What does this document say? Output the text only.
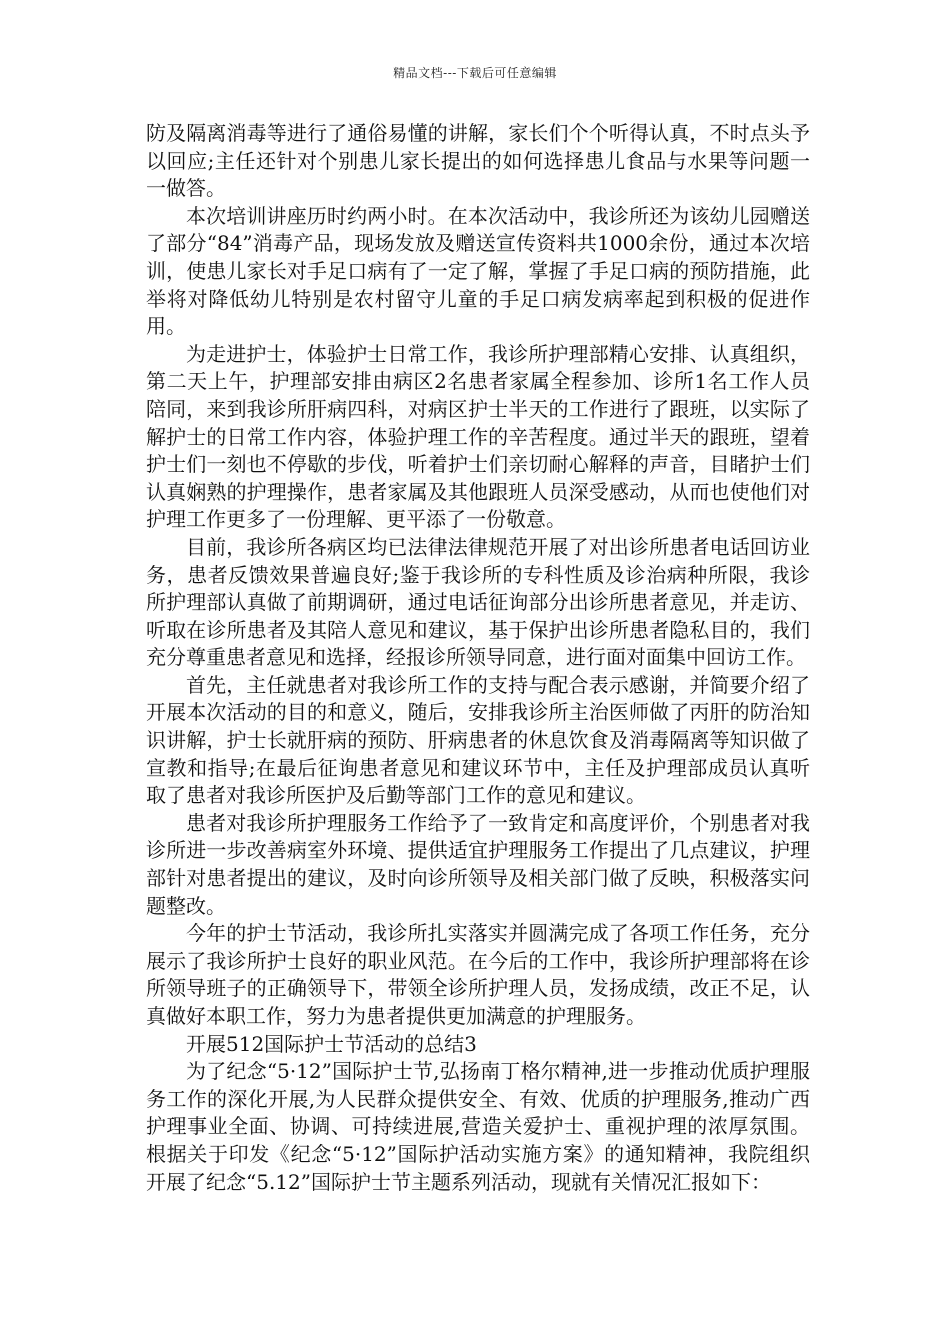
精品文档---下载后可任意编辑

防及隔离消毒等进行了通俗易懂的讲解，家长们个个听得认真，不时点头予以回应;主任还针对个别患儿家长提出的如何选择患儿食品与水果等问题一一做答。

本次培训讲座历时约两小时。在本次活动中，我诊所还为该幼儿园赠送了部分“84”消毒产品，现场发放及赠送宣传资料共1000余份，通过本次培训，使患儿家长对手足口病有了一定了解，掌握了手足口病的预防措施，此举将对降低幼儿特别是农村留守儿童的手足口病发病率起到积极的促进作用。

为走进护士，体验护士日常工作，我诊所护理部精心安排、认真组织，第二天上午，护理部安排由病区2名患者家属全程参加、诊所1名工作人员陪同，来到我诊所肝病四科，对病区护士半天的工作进行了跟班，以实际了解护士的日常工作内容，体验护理工作的辛苦程度。通过半天的跟班，望着护士们一刻也不停歇的步伐，听着护士们亲切耐心解释的声音，目睹护士们认真娴熟的护理操作，患者家属及其他跟班人员深受感动，从而也使他们对护理工作更多了一份理解、更平添了一份敬意。

目前，我诊所各病区均已法律法律规范开展了对出诊所患者电话回访业务，患者反馈效果普遍良好;鉴于我诊所的专科性质及诊治病种所限，我诊所护理部认真做了前期调研，通过电话征询部分出诊所患者意见，并走访、听取在诊所患者及其陪人意见和建议，基于保护出诊所患者隐私目的，我们充分尊重患者意见和选择，经报诊所领导同意，进行面对面集中回访工作。

首先，主任就患者对我诊所工作的支持与配合表示感谢，并简要介绍了开展本次活动的目的和意义，随后，安排我诊所主治医师做了丙肝的防治知识讲解，护士长就肝病的预防、肝病患者的休息饮食及消毒隔离等知识做了宣教和指导;在最后征询患者意见和建议环节中，主任及护理部成员认真听取了患者对我诊所医护及后勤等部门工作的意见和建议。

患者对我诊所护理服务工作给予了一致肯定和高度评价，个别患者对我诊所进一步改善病室外环境、提供适宜护理服务工作提出了几点建议，护理部针对患者提出的建议，及时向诊所领导及相关部门做了反映，积极落实问题整改。

今年的护士节活动，我诊所扎实落实并圆满完成了各项工作任务，充分展示了我诊所护士良好的职业风范。在今后的工作中，我诊所护理部将在诊所领导班子的正确领导下，带领全诊所护理人员，发扬成绩，改正不足，认真做好本职工作，努力为患者提供更加满意的护理服务。

开展512国际护士节活动的总结3

为了纪念“5·12”国际护士节,弘扬南丁格尔精神,进一步推动优质护理服务工作的深化开展,为人民群众提供安全、有效、优质的护理服务,推动广西护理事业全面、协调、可持续进展,营造关爱护士、重视护理的浓厚氛围。根据关于印发《纪念“5·12”国际护活动实施方案》的通知精神，我院组织开展了纪念“5.12”国际护士节主题系列活动，现就有关情况汇报如下：
